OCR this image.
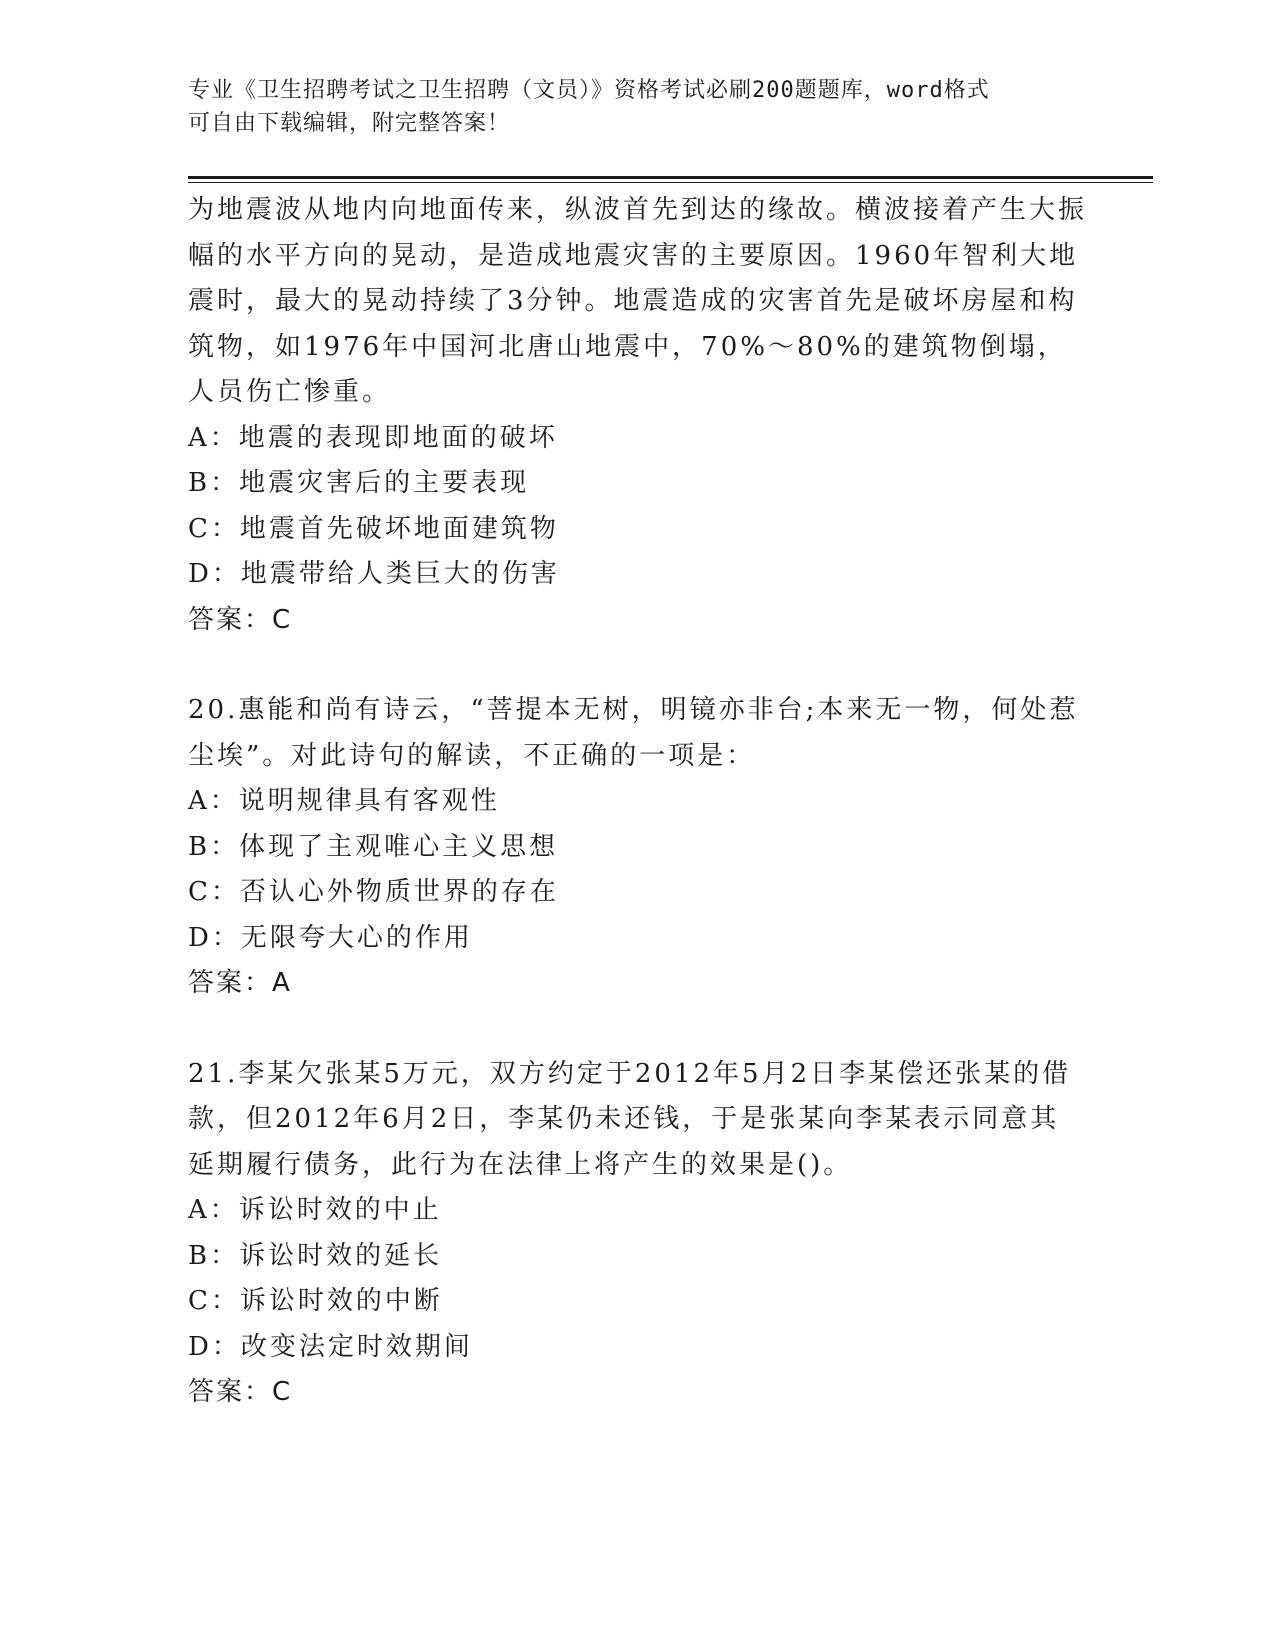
专业《卫生招聘考试之卫生招聘（文员）》资格考试必刷200题题库，word格式
可自由下载编辑，附完整答案！

为地震波从地内向地面传来，纵波首先到达的缘故。横波接着产生大振幅的水平方向的晃动，是造成地震灾害的主要原因。1960年智利大地震时，最大的晃动持续了3分钟。地震造成的灾害首先是破坏房屋和构筑物，如1976年中国河北唐山地震中，70%～80%的建筑物倒塌，人员伤亡惨重。

A：地震的表现即地面的破坏

B：地震灾害后的主要表现

C：地震首先破坏地面建筑物

D：地震带给人类巨大的伤害

答案：C

20.惠能和尚有诗云，“菩提本无树，明镜亦非台;本来无一物，何处惹尘埃”。对此诗句的解读，不正确的一项是：

A：说明规律具有客观性

B：体现了主观唯心主义思想

C：否认心外物质世界的存在

D：无限夸大心的作用

答案：A

21.李某欠张某5万元，双方约定于2012年5月2日李某偿还张某的借款，但2012年6月2日，李某仍未还钱，于是张某向李某表示同意其延期履行债务，此行为在法律上将产生的效果是()。

A：诉讼时效的中止

B：诉讼时效的延长

C：诉讼时效的中断

D：改变法定时效期间

答案：C
